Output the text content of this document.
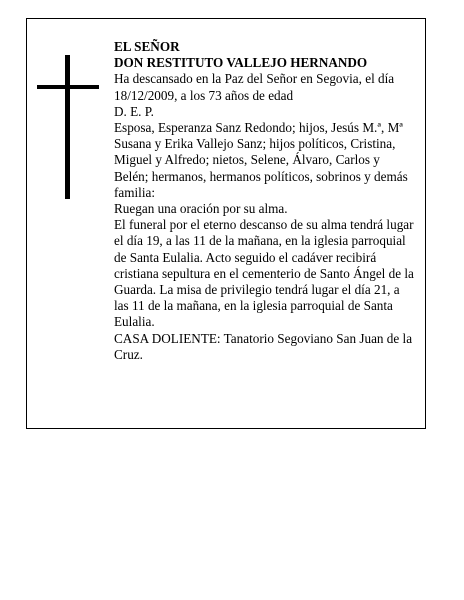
EL SEÑOR

DON RESTITUTO VALLEJO HERNANDO

Ha descansado en la Paz del Señor en Segovia, el día 18/12/2009, a los 73 años de edad

D. E. P.

Esposa, Esperanza Sanz Redondo; hijos, Jesús M.ª, Mª Susana y Erika Vallejo Sanz; hijos políticos, Cristina, Miguel y Alfredo; nietos, Selene, Álvaro, Carlos y Belén; hermanos, hermanos políticos, sobrinos y demás familia:

Ruegan una oración por su alma.

El funeral por el eterno descanso de su alma tendrá lugar el día 19, a las 11 de la mañana, en la iglesia parroquial de Santa Eulalia. Acto seguido el cadáver recibirá cristiana sepultura en el cementerio de Santo Ángel de la Guarda. La misa de privilegio tendrá lugar el día 21, a las 11 de la mañana, en la iglesia parroquial de Santa Eulalia.

CASA DOLIENTE: Tanatorio Segoviano San Juan de la Cruz.
